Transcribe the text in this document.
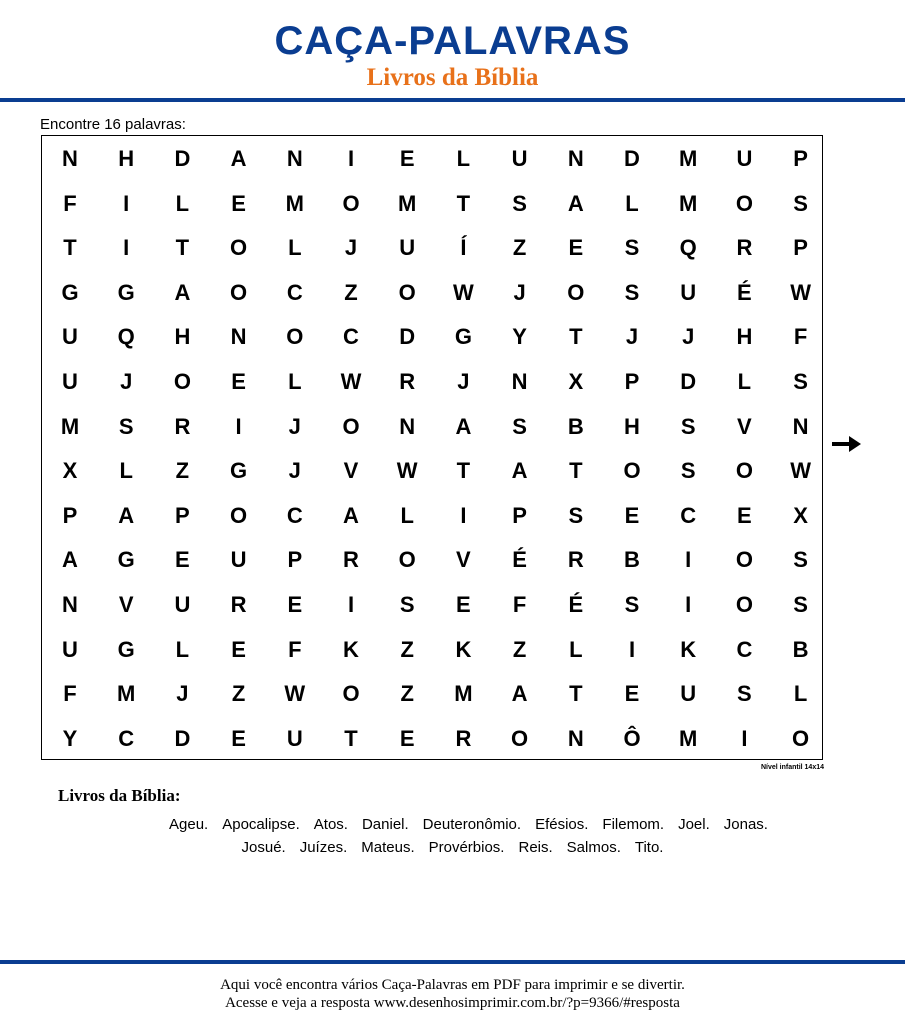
CAÇA-PALAVRAS
Livros da Bíblia
Encontre 16 palavras:
N	H	D	A	N	I	E	L	U	N	D	M	U	P
F	I	L	E	M	O	M	T	S	A	L	M	O	S
T	I	T	O	L	J	U	Í	Z	E	S	Q	R	P
G	G	A	O	C	Z	O	W	J	O	S	U	É	W
U	Q	H	N	O	C	D	G	Y	T	J	J	H	F
U	J	O	E	L	W	R	J	N	X	P	D	L	S
M	S	R	I	J	O	N	A	S	B	H	S	V	N
X	L	Z	G	J	V	W	T	A	T	O	S	O	W
P	A	P	O	C	A	L	I	P	S	E	C	E	X
A	G	E	U	P	R	O	V	É	R	B	I	O	S
N	V	U	R	E	I	S	E	F	É	S	I	O	S
U	G	L	E	F	K	Z	K	Z	L	I	K	C	B
F	M	J	Z	W	O	Z	M	A	T	E	U	S	L
Y	C	D	E	U	T	E	R	O	N	Ô	M	I	O
Nível infantil 14x14
Livros da Bíblia:
Ageu. Apocalipse. Atos. Daniel. Deuteronômio. Efésios. Filemom. Joel. Jonas.
Josué. Juízes. Mateus. Provérbios. Reis. Salmos. Tito.
Aqui você encontra vários Caça-Palavras em PDF para imprimir e se divertir.
Acesse e veja a resposta www.desenhosimprimir.com.br/?p=9366/#resposta
